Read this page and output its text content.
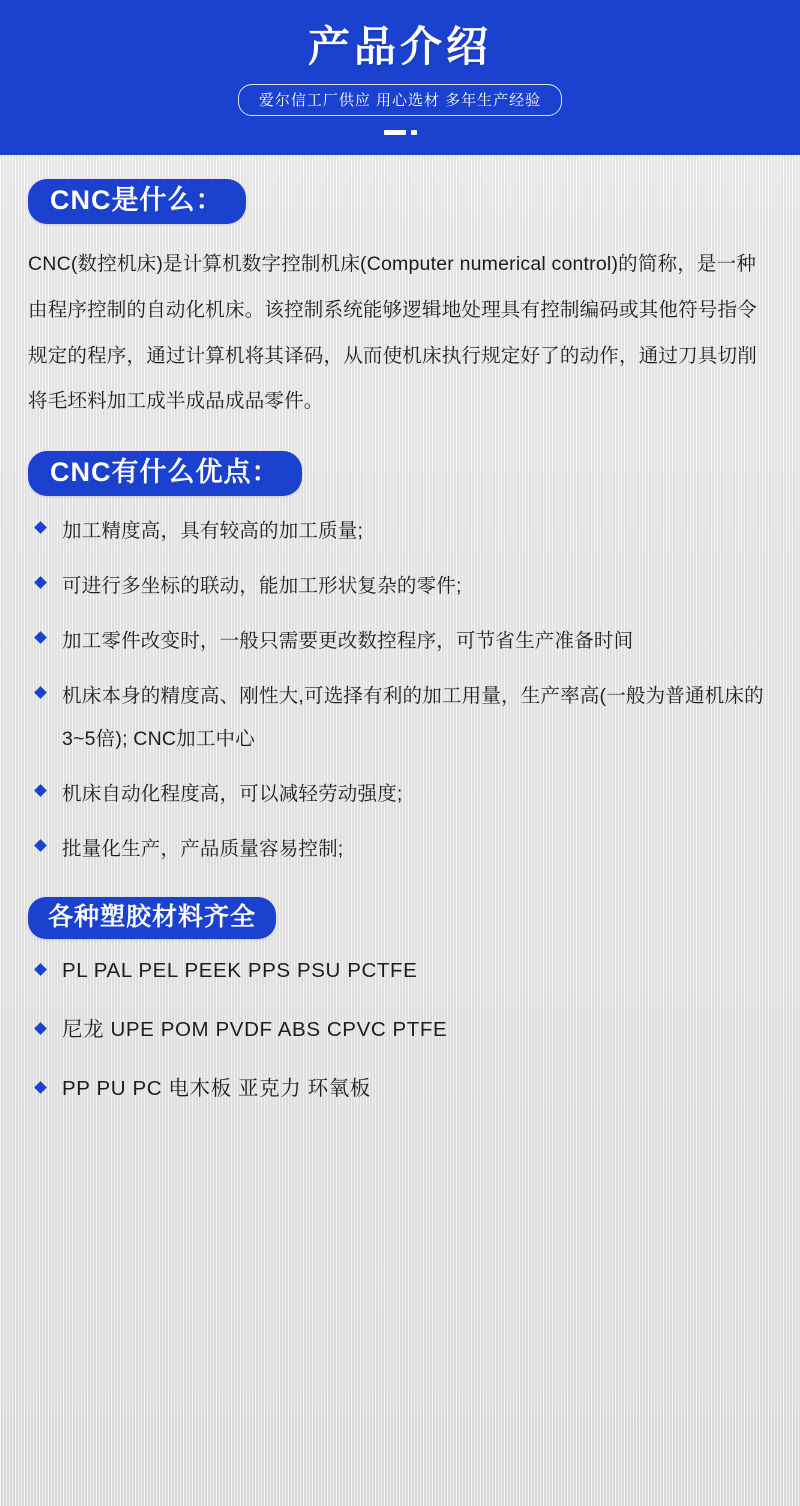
产品介绍
爱尔信工厂供应 用心选材 多年生产经验
CNC是什么：

CNC(数控机床)是计算机数字控制机床(Computer numerical control)的简称，是一种由程序控制的自动化机床。该控制系统能够逻辑地处理具有控制编码或其他符号指令规定的程序，通过计算机将其译码，从而使机床执行规定好了的动作，通过刀具切削将毛坯料加工成半成品成品零件。

CNC有什么优点：
加工精度高，具有较高的加工质量;
可进行多坐标的联动，能加工形状复杂的零件;
加工零件改变时，一般只需要更改数控程序，可节省生产准备时间
机床本身的精度高、刚性大,可选择有利的加工用量，生产率高(一般为普通机床的3~5倍); CNC加工中心
机床自动化程度高，可以减轻劳动强度;
批量化生产，产品质量容易控制;
各种塑胶材料齐全
PL PAL PEL PEEK PPS PSU PCTFE
尼龙 UPE POM PVDF ABS CPVC PTFE
PP PU PC 电木板 亚克力 环氧板
